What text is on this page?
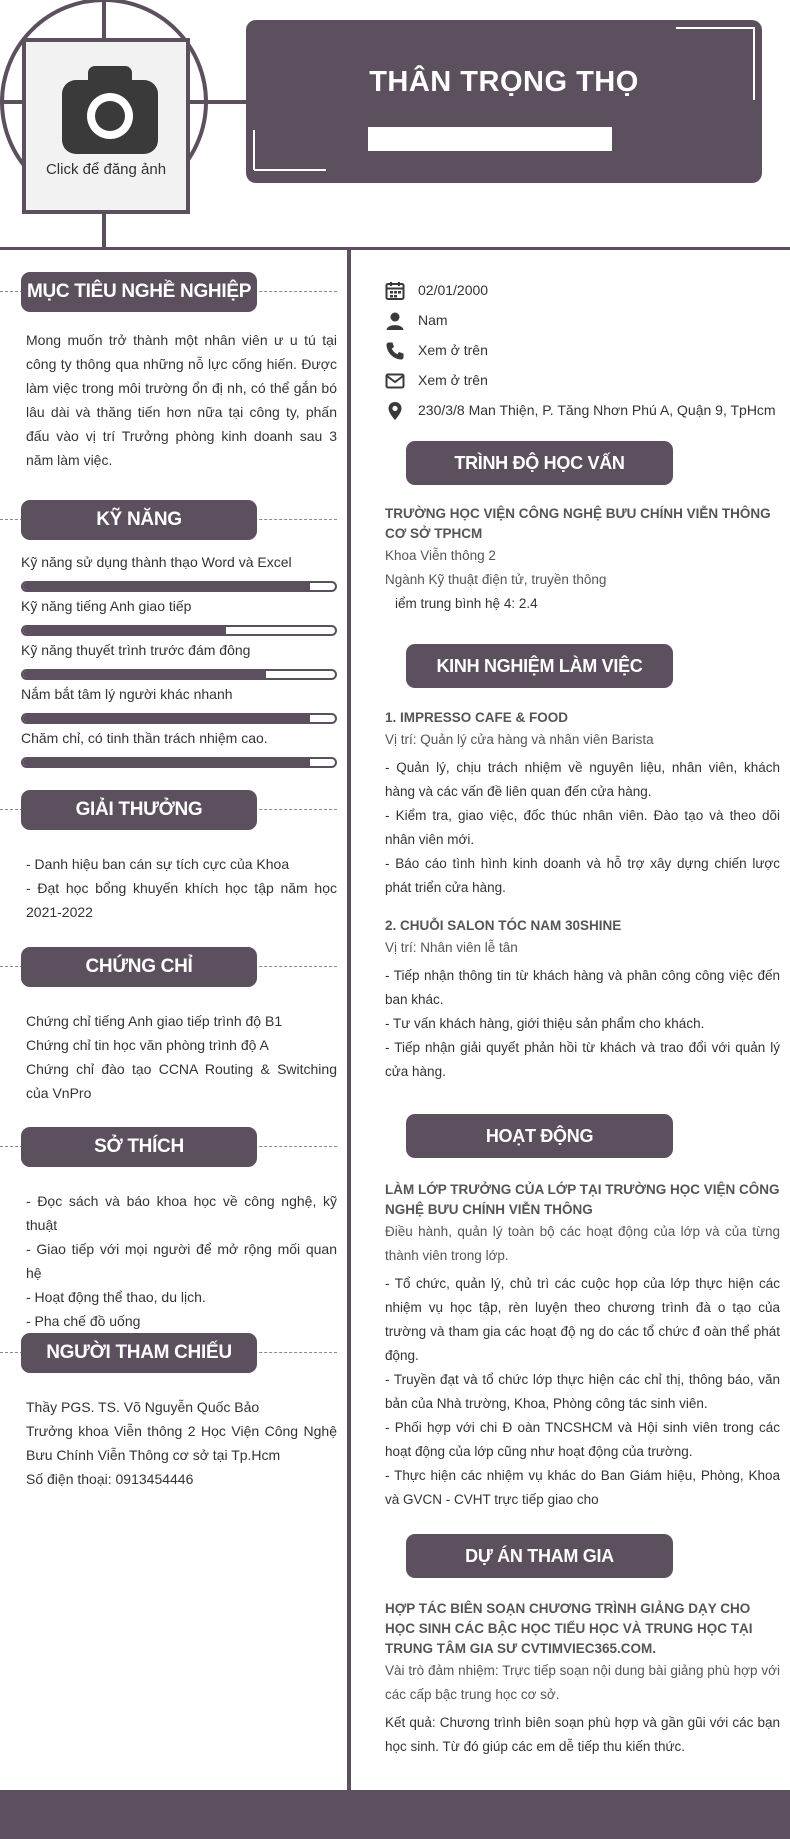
Click để đăng ảnh
THÂN TRỌNG THỌ
MỤC TIÊU NGHỀ NGHIỆP

Mong muốn trở thành một nhân viên ư u tú tại công ty thông qua những nỗ lực cống hiến. Được làm việc trong môi trường ổn đị nh, có thể gắn bó lâu dài và thăng tiến hơn nữa tại công ty, phấn đấu vào vị trí Trưởng phòng kinh doanh sau 3 năm làm việc.

KỸ NĂNG
Kỹ năng sử dụng thành thạo Word và Excel
Kỹ năng tiếng Anh giao tiếp
Kỹ năng thuyết trình trước đám đông
Nắm bắt tâm lý người khác nhanh
Chăm chỉ, có tinh thần trách nhiệm cao.
GIẢI THƯỞNG

- Danh hiệu ban cán sự tích cực của Khoa

- Đạt học bổng khuyến khích học tập năm học 2021-2022

CHỨNG CHỈ

Chứng chỉ tiếng Anh giao tiếp trình độ B1

Chứng chỉ tin học văn phòng trình độ A

Chứng chỉ đào tạo CCNA Routing & Switching của VnPro

SỞ THÍCH

- Đọc sách và báo khoa học về công nghệ, kỹ thuật

- Giao tiếp với mọi người để mở rộng mối quan hệ

- Hoạt động thể thao, du lịch.

- Pha chế đồ uống

NGƯỜI THAM CHIẾU

Thầy PGS. TS. Võ Nguyễn Quốc Bảo

Trưởng khoa Viễn thông 2 Học Viện Công Nghệ Bưu Chính Viễn Thông cơ sở tại Tp.Hcm

Số điện thoại: 0913454446

02/01/2000
Nam
Xem ở trên
Xem ở trên
230/3/8 Man Thiện, P. Tăng Nhơn Phú A, Quận 9, TpHcm
TRÌNH ĐỘ HỌC VẤN

TRƯỜNG HỌC VIỆN CÔNG NGHỆ BƯU CHÍNH VIỄN THÔNG CƠ SỞ TPHCM

Khoa Viễn thông 2

Ngành Kỹ thuật điện tử, truyền thông

iểm trung bình hệ 4: 2.4

KINH NGHIỆM LÀM VIỆC

1. IMPRESSO CAFE & FOOD

Vị trí: Quản lý cửa hàng và nhân viên Barista

- Quản lý, chịu trách nhiệm về nguyên liệu, nhân viên, khách hàng và các vấn đề liên quan đến cửa hàng.

- Kiểm tra, giao việc, đốc thúc nhân viên. Đào tạo và theo dõi nhân viên mới.

- Báo cáo tình hình kinh doanh và hỗ trợ xây dựng chiến lược phát triển cửa hàng.

2. CHUỖI SALON TÓC NAM 30SHINE

Vị trí: Nhân viên lễ tân

- Tiếp nhận thông tin từ khách hàng và phân công công việc đến ban khác.

- Tư vấn khách hàng, giới thiệu sản phẩm cho khách.

- Tiếp nhận giải quyết phản hồi từ khách và trao đổi với quản lý cửa hàng.

HOẠT ĐỘNG

LÀM LỚP TRƯỞNG CỦA LỚP TẠI TRƯỜNG HỌC VIỆN CÔNG NGHỆ BƯU CHÍNH VIỄN THÔNG

Điều hành, quản lý toàn bộ các hoạt động của lớp và của từng thành viên trong lớp.

- Tổ chức, quản lý, chủ trì các cuộc họp của lớp thực hiện các nhiệm vụ học tập, rèn luyện theo chương trình đà o tạo của trường và tham gia các hoạt độ ng do các tổ chức đ oàn thể phát động.

- Truyền đạt và tổ chức lớp thực hiện các chỉ thị, thông báo, văn bản của Nhà trường, Khoa, Phòng công tác sinh viên.

- Phối hợp với chi Đ oàn TNCSHCM và Hội sinh viên trong các hoạt động của lớp cũng như hoạt động của trường.

- Thực hiện các nhiệm vụ khác do Ban Giám hiệu, Phòng, Khoa và GVCN - CVHT trực tiếp giao cho

DỰ ÁN THAM GIA

HỢP TÁC BIÊN SOẠN CHƯƠNG TRÌNH GIẢNG DẠY CHO HỌC SINH CÁC BẬC HỌC TIỂU HỌC VÀ TRUNG HỌC TẠI TRUNG TÂM GIA SƯ CVTIMVIEC365.COM.

Vài trò đảm nhiệm: Trực tiếp soạn nội dung bài giảng phù hợp với các cấp bậc trung học cơ sở.

Kết quả: Chương trình biên soạn phù hợp và gần gũi với các bạn học sinh. Từ đó giúp các em dễ tiếp thu kiến thức.
